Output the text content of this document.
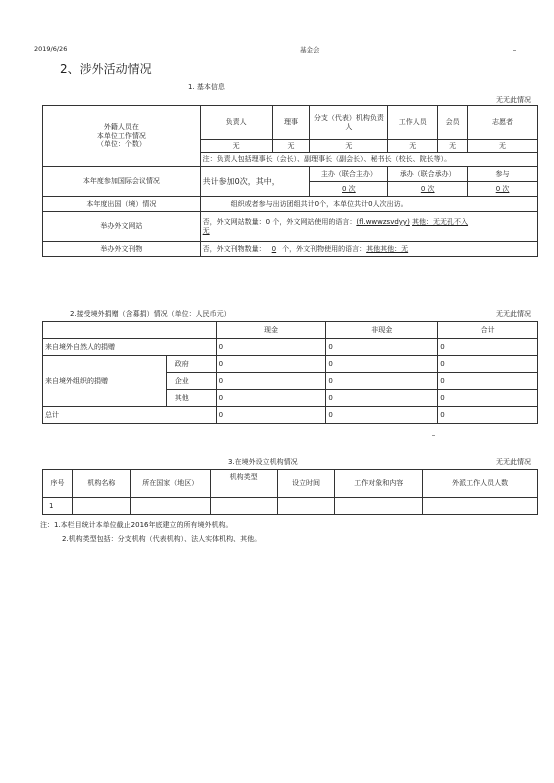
2019/6/26	基金会
2、涉外活动情况
1. 基本信息
无无此情况
外籍人员在
本单位工作情况
（单位：个数）	负责人	理事	分支（代表）机构负责人	工作人员	会员	志愿者
	无	无	无	无	无	无
	注：负责人包括理事长（会长）、副理事长（副会长）、秘书长（校长、院长等）。					
本年度参加国际会议情况	共计参加0次，其中，		主办（联合主办）	承办（联合承办）		参与
			0 次	0 次		0 次
本年度出国（境）情况	组织或者参与出访团组共计0个，本单位共计0人次出访。					
举办外文网站	否，外文网站数量：0 个，外文网站使用的语言：(fl.wwwzsvdyy) 其他：无无孔不入
无					
举办外文刊物	否，外文刊物数量： 0 个，外文刊物使用的语言：其他其他：无					
2.接受境外捐赠（含募捐）情况（单位：人民币元）	无无此情况
		现金	非现金	合计
来自境外自然人的捐赠		0	0	0
来自境外组织的捐赠	政府	0	0	0
	企业	0	0	0
	其他	0	0	0
总计		0	0	0
3.在境外设立机构情况	无无此情况
序号	机构名称	所在国家（地区）	机构类型	设立时间	工作对象和内容	外派工作人员人数
1						
注：1.本栏目统计本单位截止2016年底建立的所有境外机构。
2.机构类型包括：分支机构（代表机构）、法人实体机构、其他。
